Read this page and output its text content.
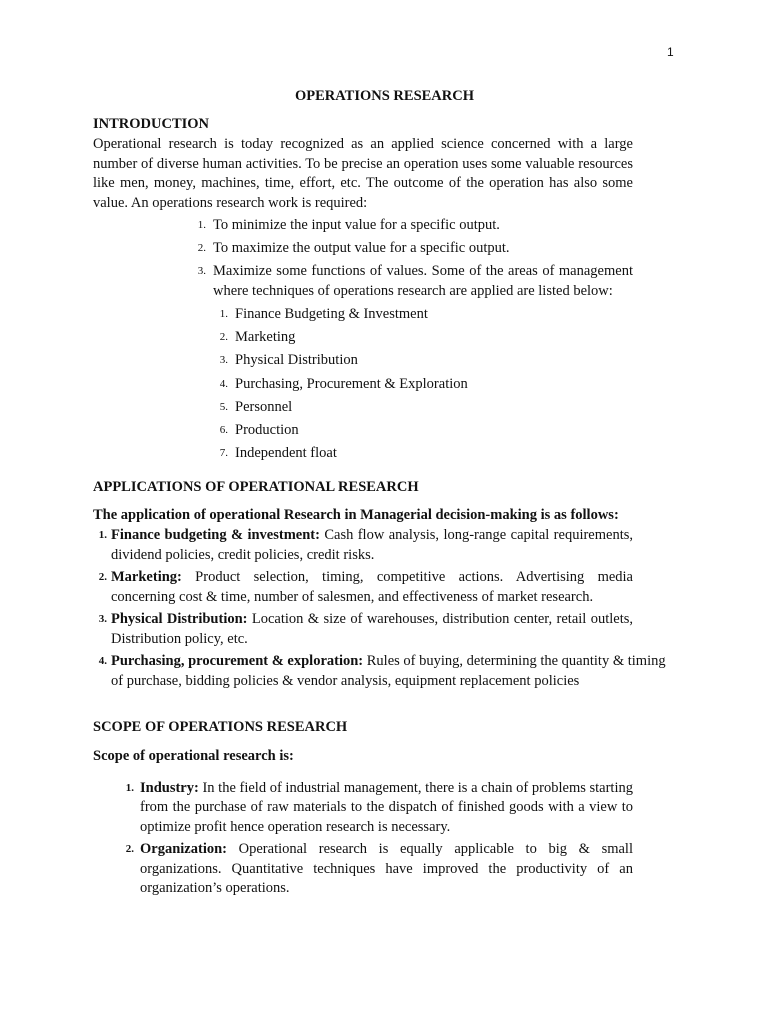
1
OPERATIONS RESEARCH
INTRODUCTION

Operational research is today recognized as an applied science concerned with a large number of diverse human activities. To be precise an operation uses some valuable resources like men, money, machines, time, effort, etc. The outcome of the operation has also some value. An operations research work is required:

1. To minimize the input value for a specific output.
2. To maximize the output value for a specific output.
3. Maximize some functions of values. Some of the areas of management where techniques of operations research are applied are listed below:
1. Finance Budgeting & Investment
2. Marketing
3. Physical Distribution
4. Purchasing, Procurement & Exploration
5. Personnel
6. Production
7. Independent float
APPLICATIONS OF OPERATIONAL RESEARCH

The application of operational Research in Managerial decision-making is as follows:

1. Finance budgeting & investment: Cash flow analysis, long-range capital requirements, dividend policies, credit policies, credit risks.
2. Marketing: Product selection, timing, competitive actions. Advertising media concerning cost & time, number of salesmen, and effectiveness of market research.
3. Physical Distribution: Location & size of warehouses, distribution center, retail outlets, Distribution policy, etc.
4. Purchasing, procurement & exploration: Rules of buying, determining the quantity & timing of purchase, bidding policies & vendor analysis, equipment replacement policies
SCOPE OF OPERATIONS RESEARCH

Scope of operational research is:

1. Industry: In the field of industrial management, there is a chain of problems starting from the purchase of raw materials to the dispatch of finished goods with a view to optimize profit hence operation research is necessary.
2. Organization: Operational research is equally applicable to big & small organizations. Quantitative techniques have improved the productivity of an organization’s operations.
